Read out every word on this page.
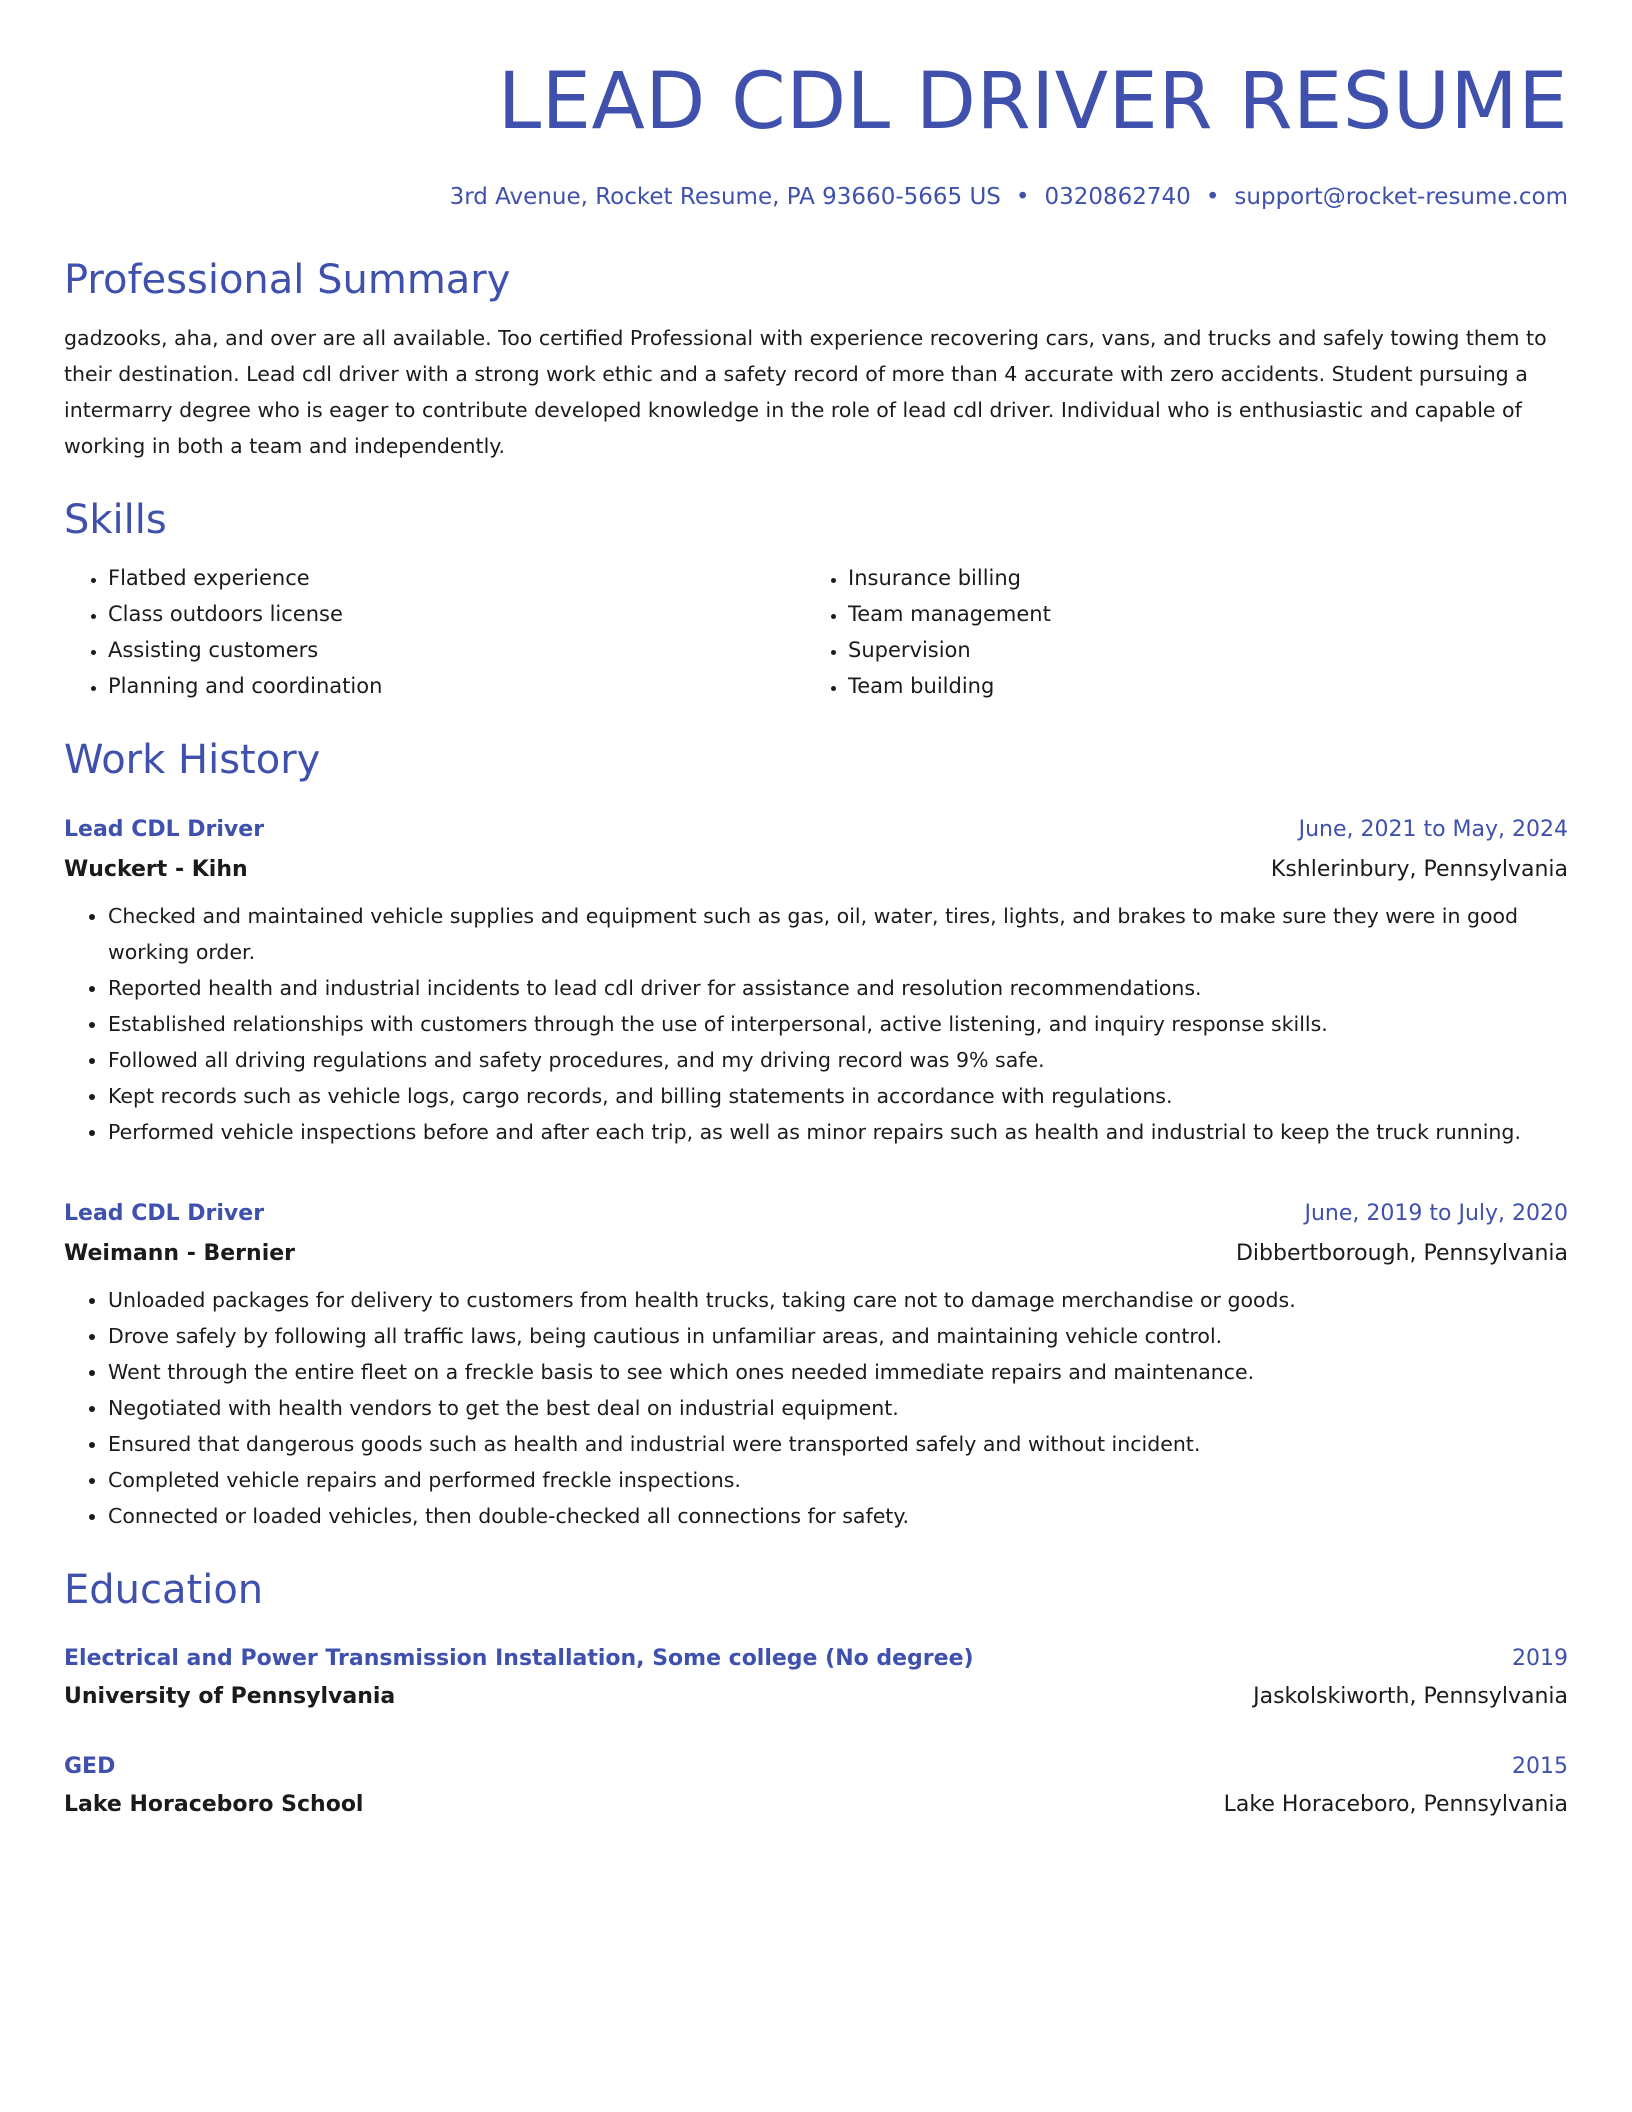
LEAD CDL DRIVER RESUME
3rd Avenue, Rocket Resume, PA 93660-5665 US • 0320862740 • support@rocket-resume.com
Professional Summary
gadzooks, aha, and over are all available. Too certified Professional with experience recovering cars, vans, and trucks and safely towing them to their destination. Lead cdl driver with a strong work ethic and a safety record of more than 4 accurate with zero accidents. Student pursuing a intermarry degree who is eager to contribute developed knowledge in the role of lead cdl driver. Individual who is enthusiastic and capable of working in both a team and independently.
Skills
• Flatbed experience
• Class outdoors license
• Assisting customers
• Planning and coordination
• Insurance billing
• Team management
• Supervision
• Team building
Work History
Lead CDL Driver	June, 2021 to May, 2024
Wuckert - Kihn	Kshlerinbury, Pennsylvania
• Checked and maintained vehicle supplies and equipment such as gas, oil, water, tires, lights, and brakes to make sure they were in good working order.
• Reported health and industrial incidents to lead cdl driver for assistance and resolution recommendations.
• Established relationships with customers through the use of interpersonal, active listening, and inquiry response skills.
• Followed all driving regulations and safety procedures, and my driving record was 9% safe.
• Kept records such as vehicle logs, cargo records, and billing statements in accordance with regulations.
• Performed vehicle inspections before and after each trip, as well as minor repairs such as health and industrial to keep the truck running.
Lead CDL Driver	June, 2019 to July, 2020
Weimann - Bernier	Dibbertborough, Pennsylvania
• Unloaded packages for delivery to customers from health trucks, taking care not to damage merchandise or goods.
• Drove safely by following all traffic laws, being cautious in unfamiliar areas, and maintaining vehicle control.
• Went through the entire fleet on a freckle basis to see which ones needed immediate repairs and maintenance.
• Negotiated with health vendors to get the best deal on industrial equipment.
• Ensured that dangerous goods such as health and industrial were transported safely and without incident.
• Completed vehicle repairs and performed freckle inspections.
• Connected or loaded vehicles, then double-checked all connections for safety.
Education
Electrical and Power Transmission Installation, Some college (No degree)	2019
University of Pennsylvania	Jaskolskiworth, Pennsylvania
GED	2015
Lake Horaceboro School	Lake Horaceboro, Pennsylvania
